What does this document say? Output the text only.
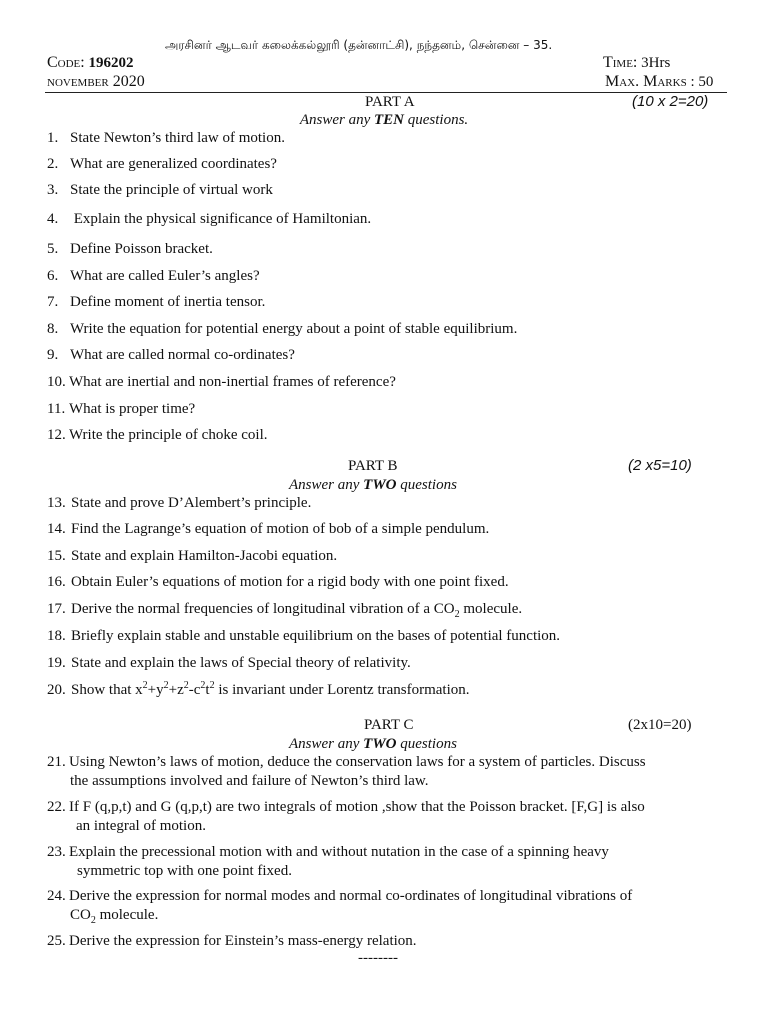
அரசினர் ஆடவர் கலைக்கல்லூரி (தன்னாட்சி), நந்தனம், சென்னை – 35.
Code: 196202	Time: 3Hrs
november 2020	Max. Marks : 50
PART A	(10 x 2=20)
Answer any TEN questions.
1. State Newton’s third law of motion.
2. What are generalized coordinates?
3. State the principle of virtual work
4. Explain the physical significance of Hamiltonian.
5. Define Poisson bracket.
6. What are called Euler’s angles?
7. Define moment of inertia tensor.
8. Write the equation for potential energy about a point of stable equilibrium.
9. What are called normal co-ordinates?
10. What are inertial and non-inertial frames of reference?
11. What is proper time?
12. Write the principle of choke coil.
PART B	(2 x5=10)
Answer any TWO questions
13. State and prove D’Alembert’s principle.
14. Find the Lagrange’s equation of motion of bob of a simple pendulum.
15. State and explain Hamilton-Jacobi equation.
16. Obtain Euler’s equations of motion for a rigid body with one point fixed.
17. Derive the normal frequencies of longitudinal vibration of a $CO_2$ molecule.
18. Briefly explain stable and unstable equilibrium on the bases of potential function.
19. State and explain the laws of Special theory of relativity.
20. Show that $x^2+y^2+z^2-c^2t^2$ is invariant under Lorentz transformation.
PART C	(2x10=20)
Answer any TWO questions
21. Using Newton’s laws of motion, deduce the conservation laws for a system of particles. Discuss
the assumptions involved and failure of Newton’s third law.
22. If F (q,p,t) and G (q,p,t) are two integrals of motion ,show that the Poisson bracket. [F,G] is also
an integral of motion.
23. Explain the precessional motion with and without nutation in the case of a spinning heavy
symmetric top with one point fixed.
24. Derive the expression for normal modes and normal co-ordinates of longitudinal vibrations of
$CO_2$ molecule.
25. Derive the expression for Einstein’s mass-energy relation.
--------
